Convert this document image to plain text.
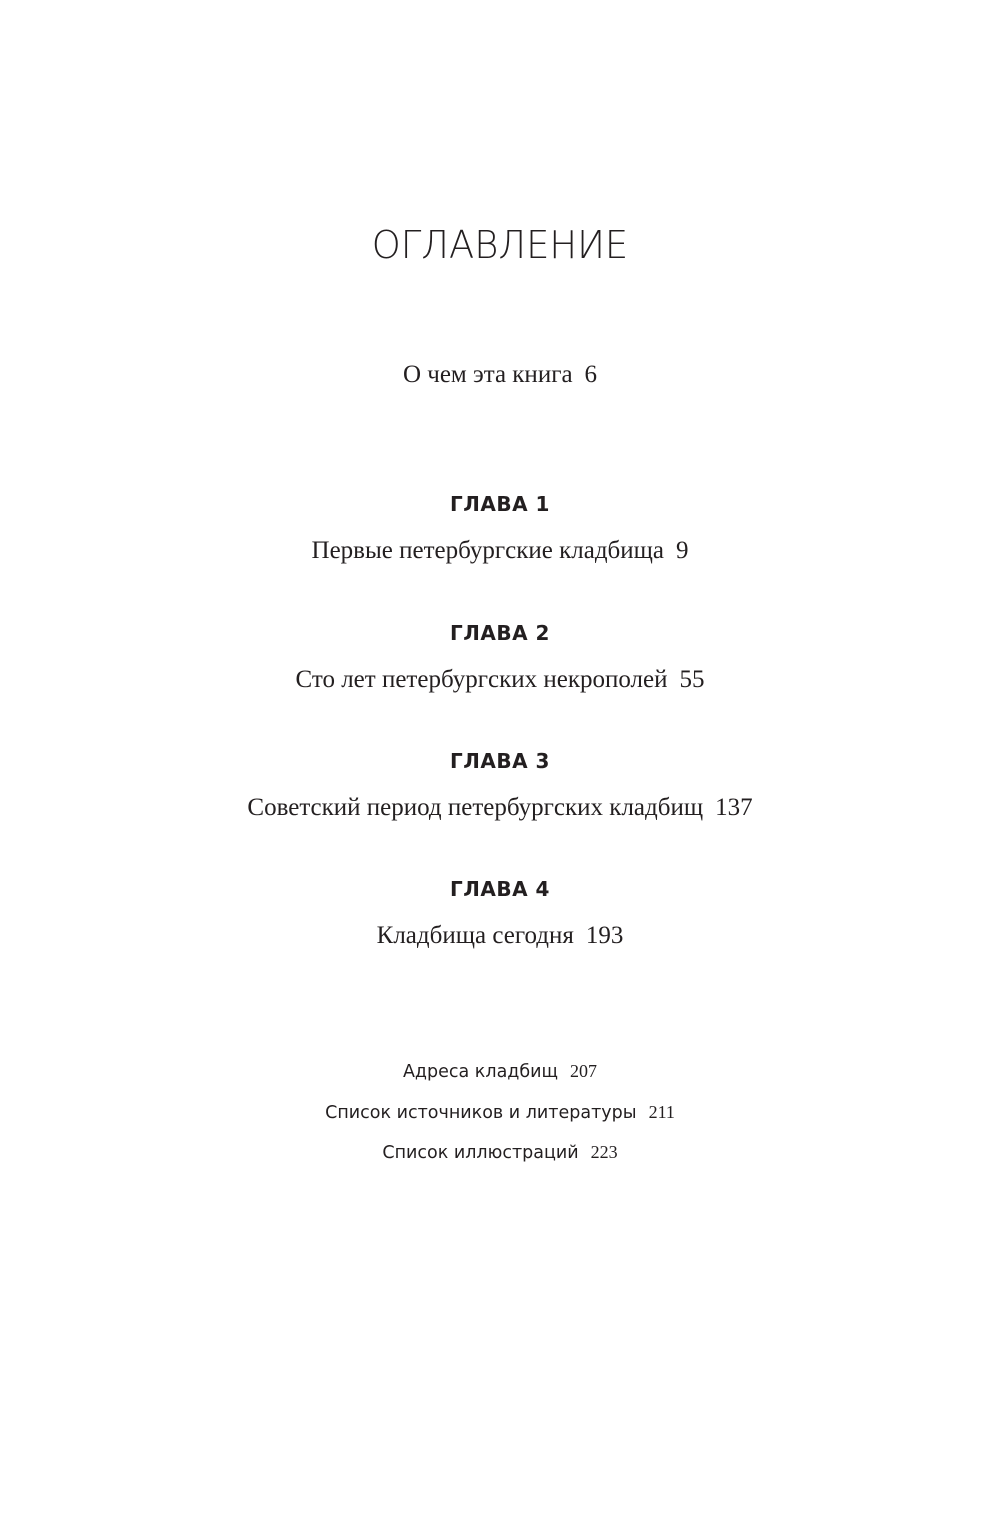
ОГЛАВЛЕНИЕ
О чем эта книга 6
ГЛАВА 1
Первые петербургские кладбища 9
ГЛАВА 2
Сто лет петербургских некрополей 55
ГЛАВА 3
Советский период петербургских кладбищ 137
ГЛАВА 4
Кладбища сегодня 193
Адреса кладбищ 207
Список источников и литературы 211
Список иллюстраций 223
